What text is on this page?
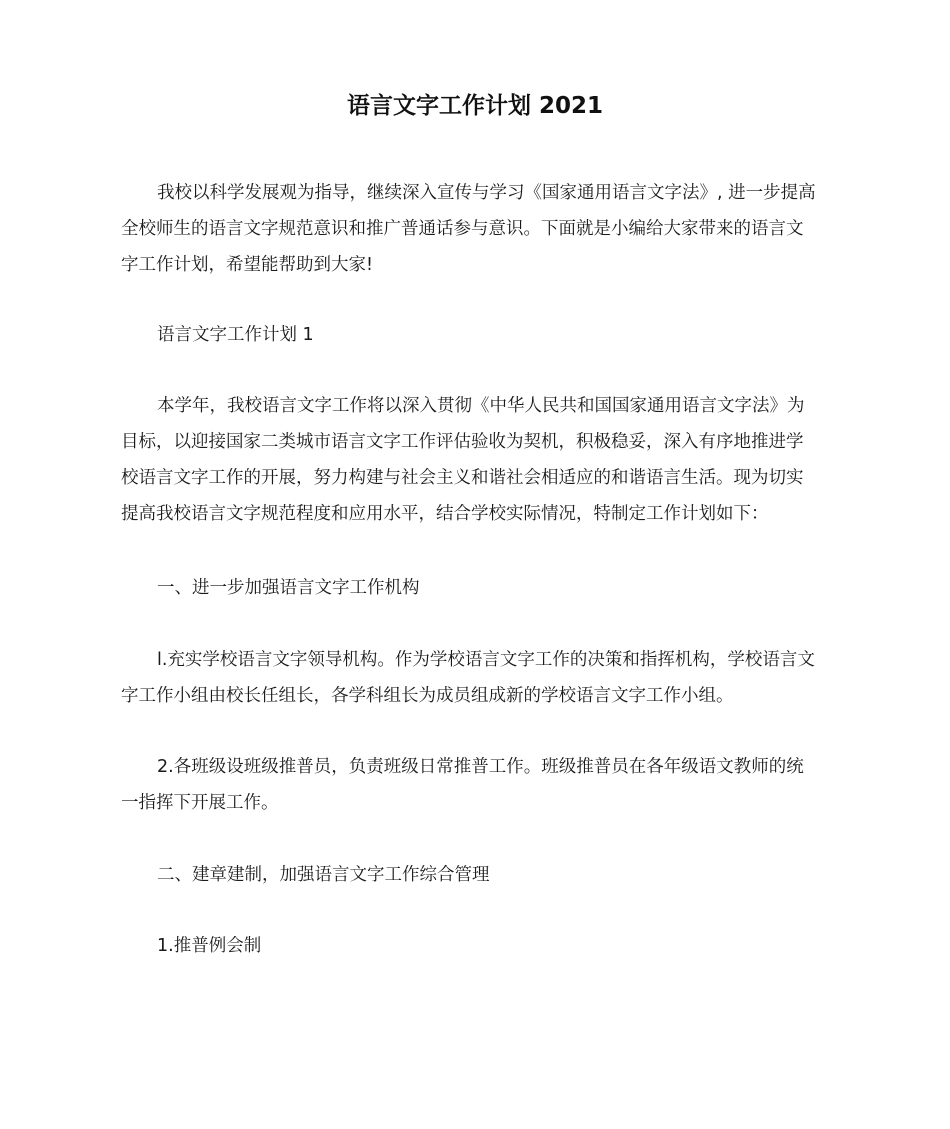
语言文字工作计划 2021
我校以科学发展观为指导，继续深入宣传与学习《国家通用语言文字法》, 进一步提高
全校师生的语言文字规范意识和推广普通话参与意识。下面就是小编给大家带来的语言文
字工作计划，希望能帮助到大家!
语言文字工作计划 1
本学年，我校语言文字工作将以深入贯彻《中华人民共和国国家通用语言文字法》为
目标，以迎接国家二类城市语言文字工作评估验收为契机，积极稳妥，深入有序地推进学
校语言文字工作的开展，努力构建与社会主义和谐社会相适应的和谐语言生活。现为切实
提高我校语言文字规范程度和应用水平，结合学校实际情况，特制定工作计划如下：
一、进一步加强语言文字工作机构
l.充实学校语言文字领导机构。作为学校语言文字工作的决策和指挥机构，学校语言文
字工作小组由校长任组长，各学科组长为成员组成新的学校语言文字工作小组。
2.各班级设班级推普员，负责班级日常推普工作。班级推普员在各年级语文教师的统
一指挥下开展工作。
二、建章建制，加强语言文字工作综合管理
1.推普例会制
